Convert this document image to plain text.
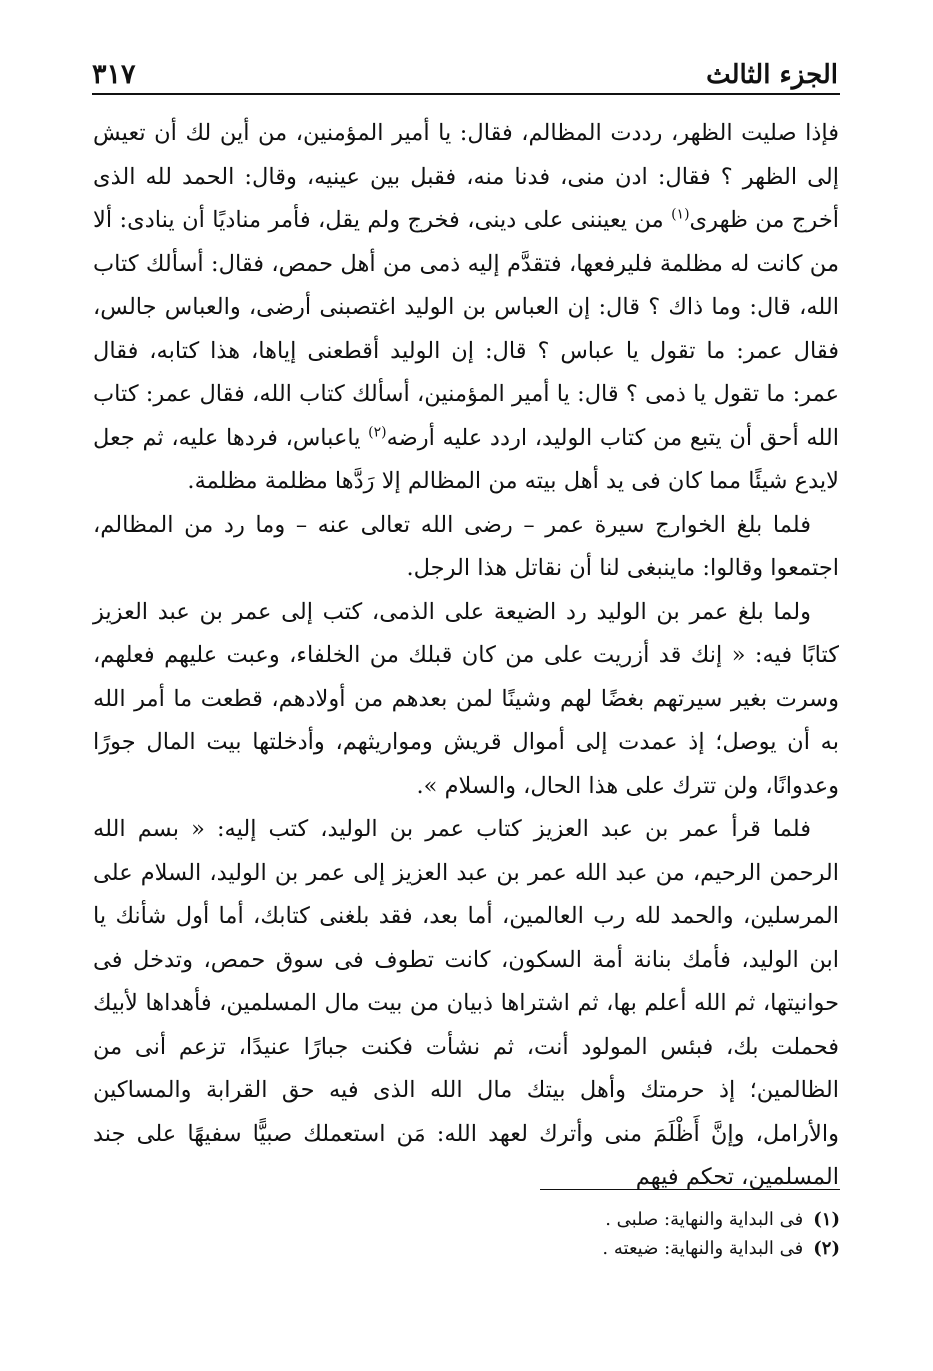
الجزء الثالث
٣١٧

فإذا صليت الظهر، رددت المظالم، فقال: يا أمير المؤمنين، من أين لك أن تعيش إلى الظهر ؟ فقال: ادن منى، فدنا منه، فقبل بين عينيه، وقال: الحمد لله الذى أخرج من ظهرى$^{(١)}$ من يعيننى على دينى، فخرج ولم يقل، فأمر مناديًا أن ينادى: ألا من كانت له مظلمة فليرفعها، فتقدَّم إليه ذمى من أهل حمص، فقال: أسألك كتاب الله، قال: وما ذاك ؟ قال: إن العباس بن الوليد اغتصبنى أرضى، والعباس جالس، فقال عمر: ما تقول يا عباس ؟ قال: إن الوليد أقطعنى إياها، هذا كتابه، فقال عمر: ما تقول يا ذمى ؟ قال: يا أمير المؤمنين، أسألك كتاب الله، فقال عمر: كتاب الله أحق أن يتبع من كتاب الوليد، اردد عليه أرضه$^{(٢)}$ ياعباس، فردها عليه، ثم جعل لايدع شيئًا مما كان فى يد أهل بيته من المظالم إلا رَدَّها مظلمة مظلمة.

فلما بلغ الخوارج سيرة عمر – رضى الله تعالى عنه – وما رد من المظالم، اجتمعوا وقالوا: ماينبغى لنا أن نقاتل هذا الرجل.

ولما بلغ عمر بن الوليد رد الضيعة على الذمى، كتب إلى عمر بن عبد العزيز كتابًا فيه: « إنك قد أزريت على من كان قبلك من الخلفاء، وعبت عليهم فعلهم، وسرت بغير سيرتهم بغضًا لهم وشينًا لمن بعدهم من أولادهم، قطعت ما أمر الله به أن يوصل؛ إذ عمدت إلى أموال قريش ومواريثهم، وأدخلتها بيت المال جورًا وعدوانًا، ولن تترك على هذا الحال، والسلام ».

فلما قرأ عمر بن عبد العزيز كتاب عمر بن الوليد، كتب إليه: « بسم الله الرحمن الرحيم، من عبد الله عمر بن عبد العزيز إلى عمر بن الوليد، السلام على المرسلين، والحمد لله رب العالمين، أما بعد، فقد بلغنى كتابك، أما أول شأنك يا ابن الوليد، فأمك بنانة أمة السكون، كانت تطوف فى سوق حمص، وتدخل فى حوانيتها، ثم الله أعلم بها، ثم اشتراها ذبيان من بيت مال المسلمين، فأهداها لأبيك فحملت بك، فبئس المولود أنت، ثم نشأت فكنت جبارًا عنيدًا، تزعم أنى من الظالمين؛ إذ حرمتك وأهل بيتك مال الله الذى فيه حق القرابة والمساكين والأرامل، وإنَّ أَظْلَمَ منى وأترك لعهد الله: مَن استعملك صبيًّا سفيهًا على جند المسلمين، تحكم فيهم

(١)
فى البداية والنهاية: صلبى .
(٢)
فى البداية والنهاية: ضيعته .
